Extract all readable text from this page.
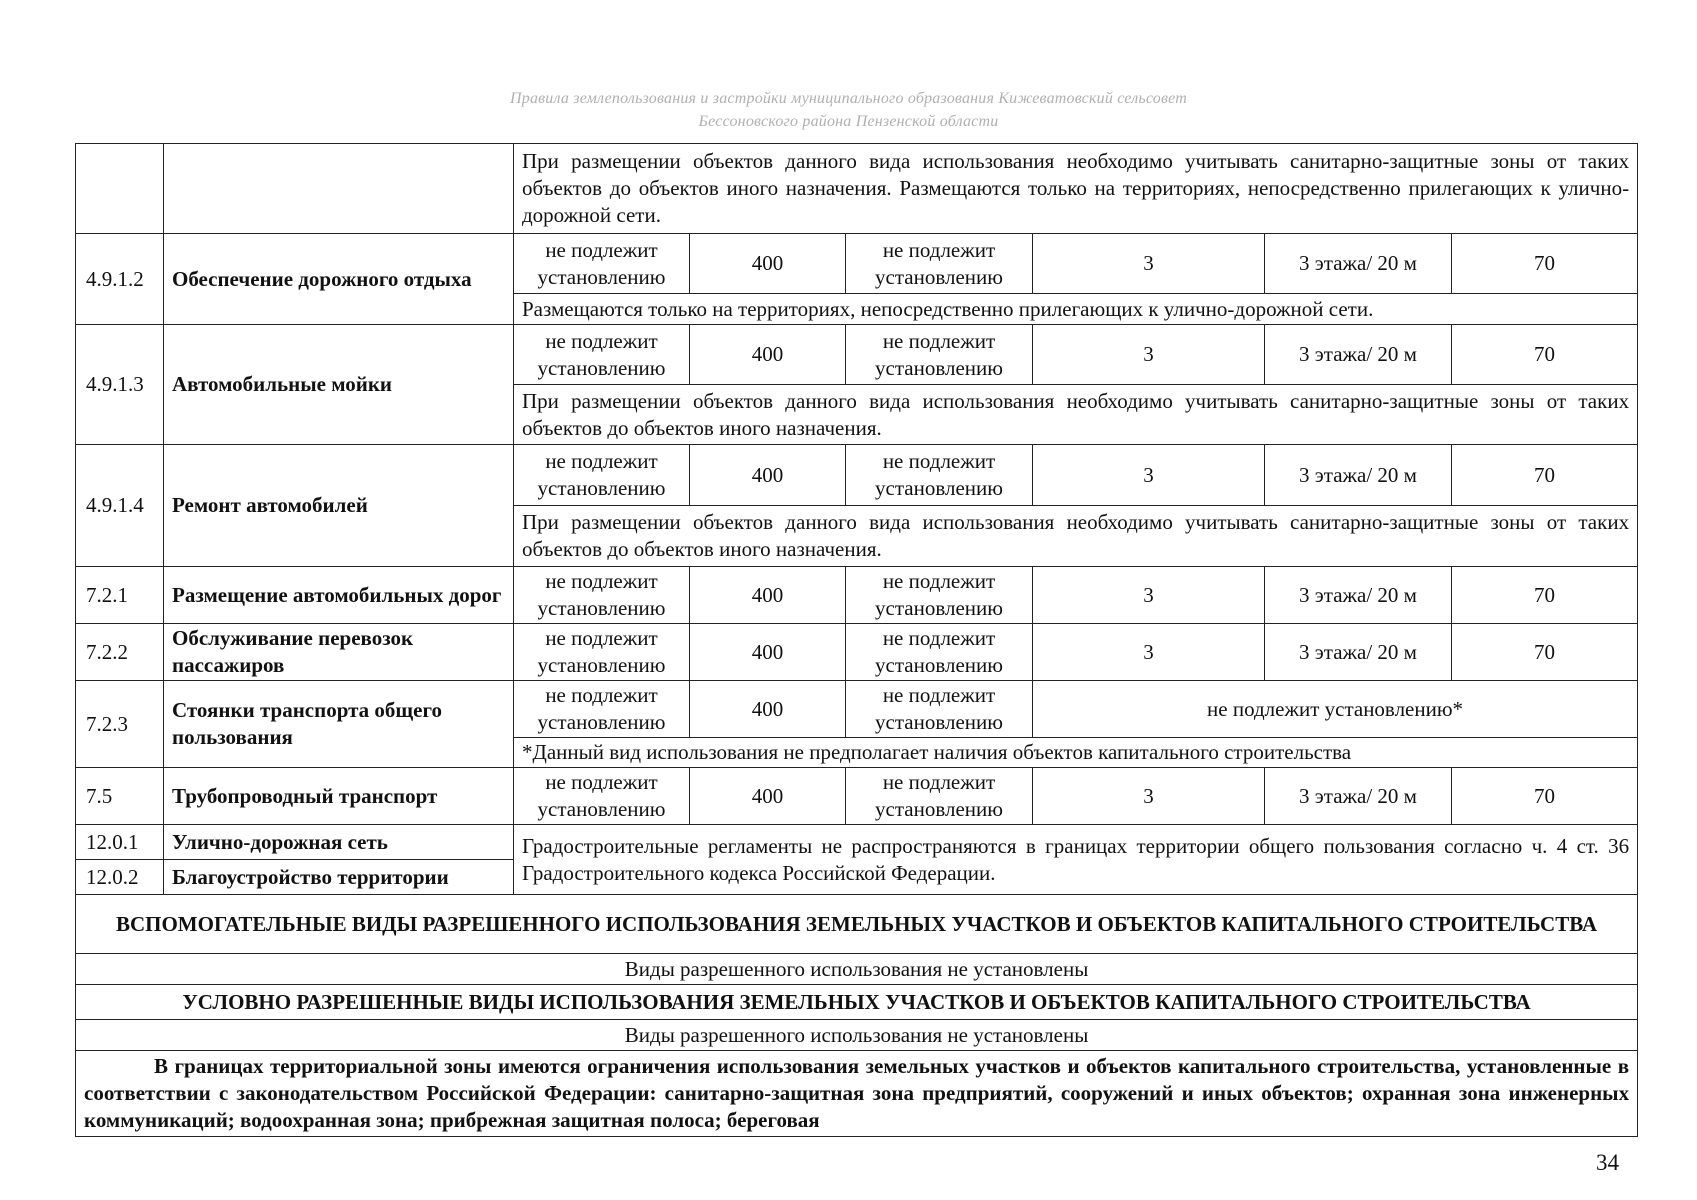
Правила землепользования и застройки муниципального образования Кижеватовский сельсовет
Бессоновского района Пензенской области
		При размещении объектов данного вида использования необходимо учитывать санитарно-защитные зоны от таких объектов до объектов иного назначения. Размещаются только на территориях, непосредственно прилегающих к улично-дорожной сети.					
4.9.1.2	Обеспечение дорожного отдыха	не подлежит установлению	400	не подлежит установлению	3	3 этажа/ 20 м	70
		Размещаются только на территориях, непосредственно прилегающих к улично-дорожной сети.					
4.9.1.3	Автомобильные мойки	не подлежит установлению	400	не подлежит установлению	3	3 этажа/ 20 м	70
		При размещении объектов данного вида использования необходимо учитывать санитарно-защитные зоны от таких объектов до объектов иного назначения.					
4.9.1.4	Ремонт автомобилей	не подлежит установлению	400	не подлежит установлению	3	3 этажа/ 20 м	70
		При размещении объектов данного вида использования необходимо учитывать санитарно-защитные зоны от таких объектов до объектов иного назначения.					
7.2.1	Размещение автомобильных дорог	не подлежит установлению	400	не подлежит установлению	3	3 этажа/ 20 м	70
7.2.2	Обслуживание перевозок пассажиров	не подлежит установлению	400	не подлежит установлению	3	3 этажа/ 20 м	70
7.2.3	Стоянки транспорта общего пользования	не подлежит установлению	400	не подлежит установлению	не подлежит установлению*		
		*Данный вид использования не предполагает наличия объектов капитального строительства					
7.5	Трубопроводный транспорт	не подлежит установлению	400	не подлежит установлению	3	3 этажа/ 20 м	70
12.0.1	Улично-дорожная сеть	Градостроительные регламенты не распространяются в границах территории общего пользования согласно ч. 4 ст. 36 Градостроительного кодекса Российской Федерации.					
12.0.2	Благоустройство территории						
ВСПОМОГАТЕЛЬНЫЕ ВИДЫ РАЗРЕШЕННОГО ИСПОЛЬЗОВАНИЯ ЗЕМЕЛЬНЫХ УЧАСТКОВ И ОБЪЕКТОВ КАПИТАЛЬНОГО СТРОИТЕЛЬСТВА							
Виды разрешенного использования не установлены							
УСЛОВНО РАЗРЕШЕННЫЕ ВИДЫ ИСПОЛЬЗОВАНИЯ ЗЕМЕЛЬНЫХ УЧАСТКОВ И ОБЪЕКТОВ КАПИТАЛЬНОГО СТРОИТЕЛЬСТВА							
Виды разрешенного использования не установлены							
В границах территориальной зоны имеются ограничения использования земельных участков и объектов капитального строительства, установленные в соответствии с законодательством Российской Федерации: санитарно-защитная зона предприятий, сооружений и иных объектов; охранная зона инженерных коммуникаций; водоохранная зона; прибрежная защитная полоса; береговая							
34
